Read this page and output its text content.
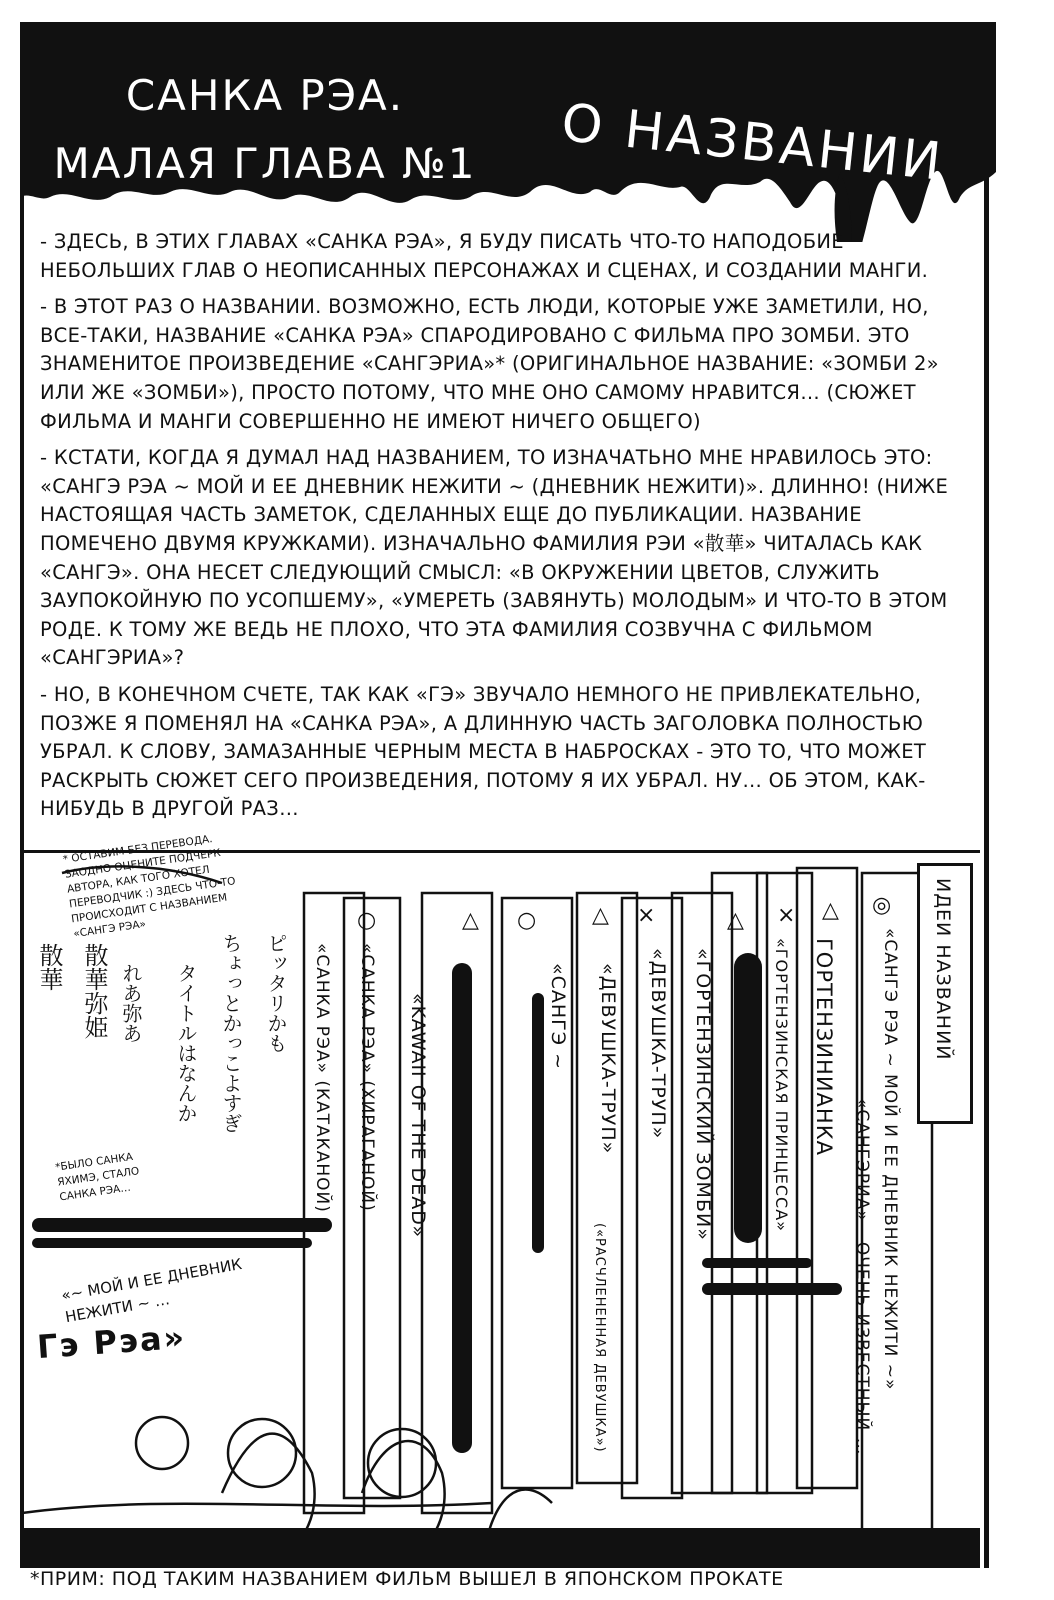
САНКА РЭА.
МАЛАЯ ГЛАВА №1 О НАЗВАНИИ

- ЗДЕСЬ, В ЭТИХ ГЛАВАХ «САНКА РЭА», Я БУДУ ПИСАТЬ ЧТО-ТО НАПОДОБИЕ НЕБОЛЬШИХ ГЛАВ О НЕОПИСАННЫХ ПЕРСОНАЖАХ И СЦЕНАХ, И СОЗДАНИИ МАНГИ.

- В ЭТОТ РАЗ О НАЗВАНИИ. ВОЗМОЖНО, ЕСТЬ ЛЮДИ, КОТОРЫЕ УЖЕ ЗАМЕТИЛИ, НО, ВСЕ-ТАКИ, НАЗВАНИЕ «САНКА РЭА» СПАРОДИРОВАНО С ФИЛЬМА ПРО ЗОМБИ. ЭТО ЗНАМЕНИТОЕ ПРОИЗВЕДЕНИЕ «САНГЭРИА»* (ОРИГИНАЛЬНОЕ НАЗВАНИЕ: «ЗОМБИ 2» ИЛИ ЖЕ «ЗОМБИ»), ПРОСТО ПОТОМУ, ЧТО МНЕ ОНО САМОМУ НРАВИТСЯ… (СЮЖЕТ ФИЛЬМА И МАНГИ СОВЕРШЕННО НЕ ИМЕЮТ НИЧЕГО ОБЩЕГО)

- КСТАТИ, КОГДА Я ДУМАЛ НАД НАЗВАНИЕМ, ТО ИЗНАЧАТЬНО МНЕ НРАВИЛОСЬ ЭТО: «САНГЭ РЭА ~ МОЙ И ЕЕ ДНЕВНИК НЕЖИТИ ~ (ДНЕВНИК НЕЖИТИ)». ДЛИННО! (НИЖЕ НАСТОЯЩАЯ ЧАСТЬ ЗАМЕТОК, СДЕЛАННЫХ ЕЩЕ ДО ПУБЛИКАЦИИ. НАЗВАНИЕ ПОМЕЧЕНО ДВУМЯ КРУЖКАМИ). ИЗНАЧАЛЬНО ФАМИЛИЯ РЭИ «散華» ЧИТАЛАСЬ КАК «САНГЭ». ОНА НЕСЕТ СЛЕДУЮЩИЙ СМЫСЛ: «В ОКРУЖЕНИИ ЦВЕТОВ, СЛУЖИТЬ ЗАУПОКОЙНУЮ ПО УСОПШЕМУ», «УМЕРЕТЬ (ЗАВЯНУТЬ) МОЛОДЫМ» И ЧТО-ТО В ЭТОМ РОДЕ. К ТОМУ ЖЕ ВЕДЬ НЕ ПЛОХО, ЧТО ЭТА ФАМИЛИЯ СОЗВУЧНА С ФИЛЬМОМ «САНГЭРИА»?

- НО, В КОНЕЧНОМ СЧЕТЕ, ТАК КАК «ГЭ» ЗВУЧАЛО НЕМНОГО НЕ ПРИВЛЕКАТЕЛЬНО, ПОЗЖЕ Я ПОМЕНЯЛ НА «САНКА РЭА», А ДЛИННУЮ ЧАСТЬ ЗАГОЛОВКА ПОЛНОСТЬЮ УБРАЛ. К СЛОВУ, ЗАМАЗАННЫЕ ЧЕРНЫМ МЕСТА В НАБРОСКАХ - ЭТО ТО, ЧТО МОЖЕТ РАСКРЫТЬ СЮЖЕТ СЕГО ПРОИЗВЕДЕНИЯ, ПОТОМУ Я ИХ УБРАЛ. НУ… ОБ ЭТОМ, КАК-НИБУДЬ В ДРУГОЙ РАЗ…

* ОСТАВИМ БЕЗ ПЕРЕВОДА. ЗАОДНО ОЦЕНИТЕ ПОДЧЕРК АВТОРА, КАК ТОГО ХОТЕЛ ПЕРЕВОДЧИК :) ЗДЕСЬ ЧТО-ТО ПРОИСХОДИТ С НАЗВАНИЕМ «САНГЭ РЭА»
*БЫЛО САНКА ЯХИМЭ, СТАЛО САНКА РЭА…
«~ МОЙ И ЕЕ ДНЕВНИК НЕЖИТИ ~ …
Гэ Рэа»
散華 散華弥姫 れあ弥あ タイトルはなんか ちょっとかっこよすぎ ピッタリかも
○	△ ○	△ ×	△ × △ ◎
«САНКА РЭА» (КАТАКАНОЙ) «САНКА РЭА» (ХИРАГАНОЙ) «KAWAII OF THE DEAD»	«САНГЭ ~ «ДЕВУШКА-ТРУП» «ДЕВУШКА-ТРУП» «ГОРТЕНЗИНСКИЙ ЗОМБИ»	«ГОРТЕНЗИНСКАЯ ПРИНЦЕССА» ГОРТЕНЗИНИАНКА	«САНГЭ РЭА ~ МОЙ И ЕЕ ДНЕВНИК НЕЖИТИ ~»
«САНГЭРИА» - ОЧЕНЬ ИЗВЕСТНЫЙ …
(«РАСЧЛЕНЕННАЯ ДЕВУШКА»)
ИДЕИ НАЗВАНИЙ
*ПРИМ: ПОД ТАКИМ НАЗВАНИЕМ ФИЛЬМ ВЫШЕЛ В ЯПОНСКОМ ПРОКАТЕ
